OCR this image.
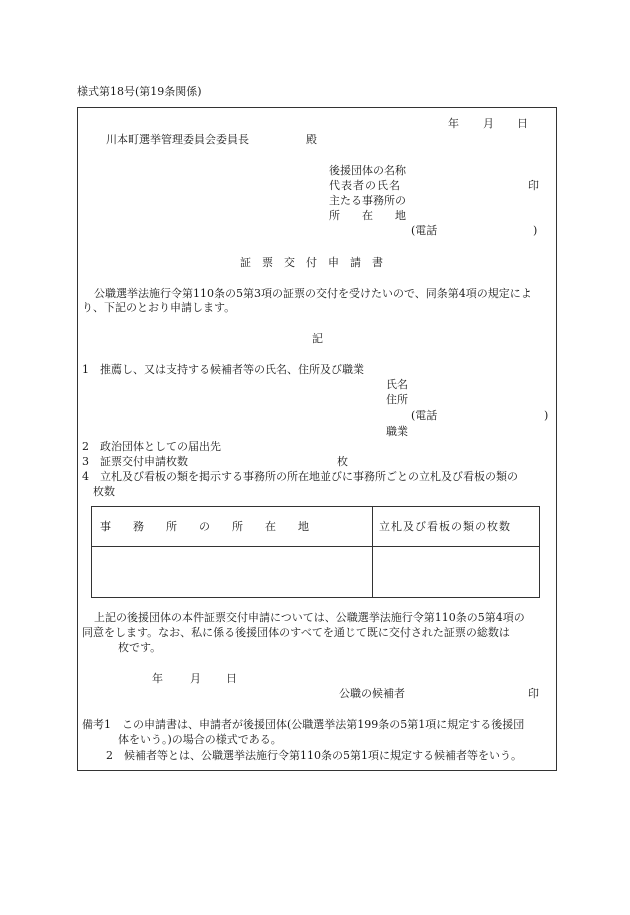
様式第18号(第19条関係)
年 月 日
川本町選挙管理委員会委員長	殿
後援団体の名称
代表者の氏名	印
主たる事務所の
所　　在　　地
(電話	)
証　票　交　付　申　請　書
公職選挙法施行令第110条の5第3項の証票の交付を受けたいので、同条第4項の規定によ
り、下記のとおり申請します。
記
1　推薦し、又は支持する候補者等の氏名、住所及び職業
氏名
住所
(電話	)
職業
2　政治団体としての届出先
3　証票交付申請枚数	枚
4　立札及び看板の類を掲示する事務所の所在地並びに事務所ごとの立札及び看板の類の
枚数
事　　務　　所　　の　　所　　在　　地	立札及び看板の類の枚数
上記の後援団体の本件証票交付申請については、公職選挙法施行令第110条の5第4項の
同意をします。なお、私に係る後援団体のすべてを通じて既に交付された証票の総数は
枚です。
年 月 日
公職の候補者	印
備考1　この申請書は、申請者が後援団体(公職選挙法第199条の5第1項に規定する後援団
体をいう。)の場合の様式である。
2　候補者等とは、公職選挙法施行令第110条の5第1項に規定する候補者等をいう。
